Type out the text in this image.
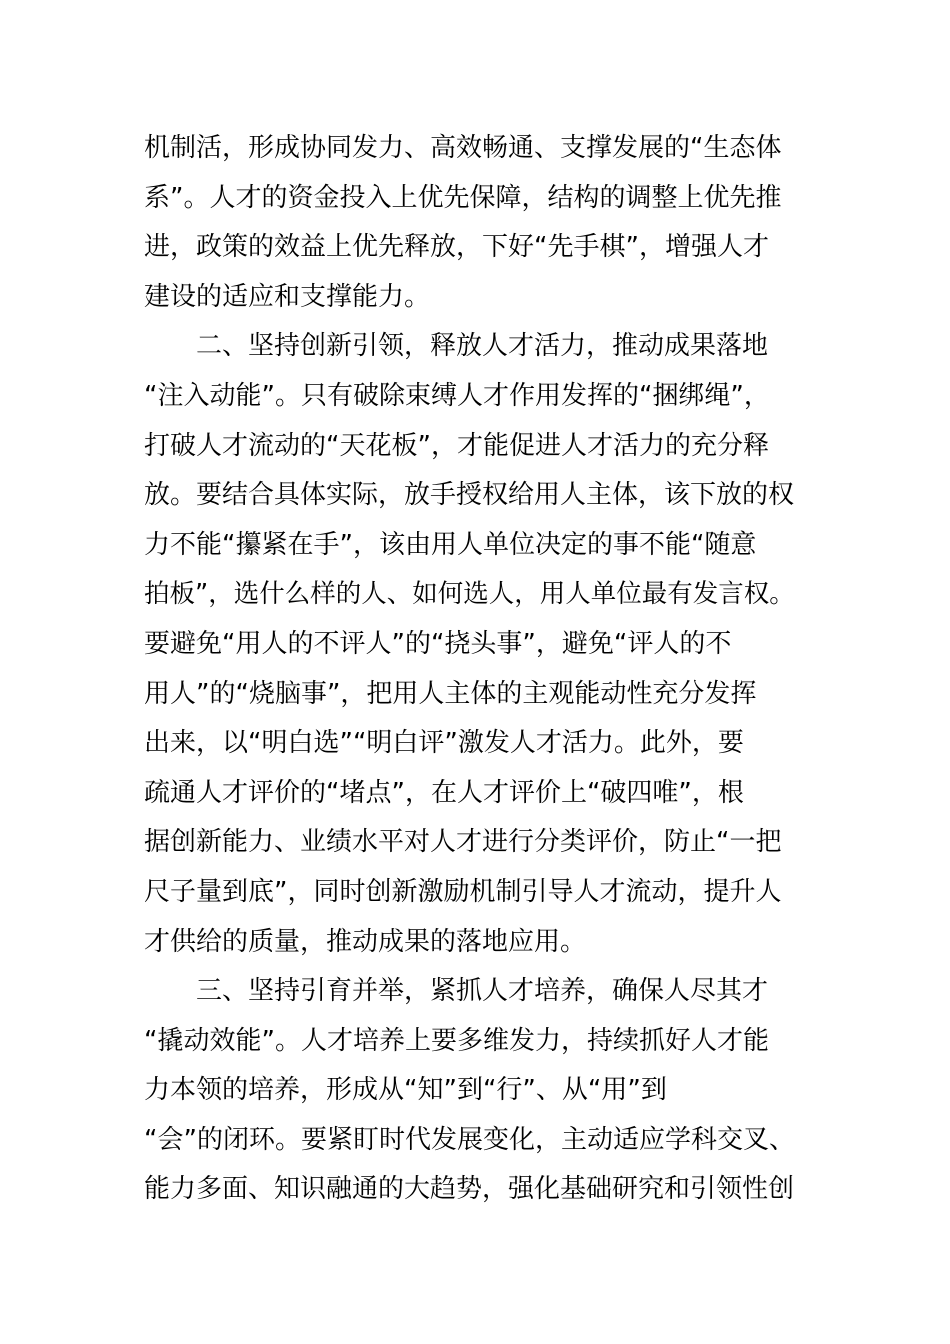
机制活，形成协同发力、高效畅通、支撑发展的“生态体
系”。人才的资金投入上优先保障，结构的调整上优先推
进，政策的效益上优先释放，下好“先手棋”，增强人才
建设的适应和支撑能力。
　　二、坚持创新引领，释放人才活力，推动成果落地
“注入动能”。只有破除束缚人才作用发挥的“捆绑绳”，
打破人才流动的“天花板”，才能促进人才活力的充分释
放。要结合具体实际，放手授权给用人主体，该下放的权
力不能“攥紧在手”，该由用人单位决定的事不能“随意
拍板”，选什么样的人、如何选人，用人单位最有发言权。
要避免“用人的不评人”的“挠头事”，避免“评人的不
用人”的“烧脑事”，把用人主体的主观能动性充分发挥
出来，以“明白选”“明白评”激发人才活力。此外，要
疏通人才评价的“堵点”，在人才评价上“破四唯”，根
据创新能力、业绩水平对人才进行分类评价，防止“一把
尺子量到底”，同时创新激励机制引导人才流动，提升人
才供给的质量，推动成果的落地应用。
　　三、坚持引育并举，紧抓人才培养，确保人尽其才
“撬动效能”。人才培养上要多维发力，持续抓好人才能
力本领的培养，形成从“知”到“行”、从“用”到
“会”的闭环。要紧盯时代发展变化，主动适应学科交叉、
能力多面、知识融通的大趋势，强化基础研究和引领性创
